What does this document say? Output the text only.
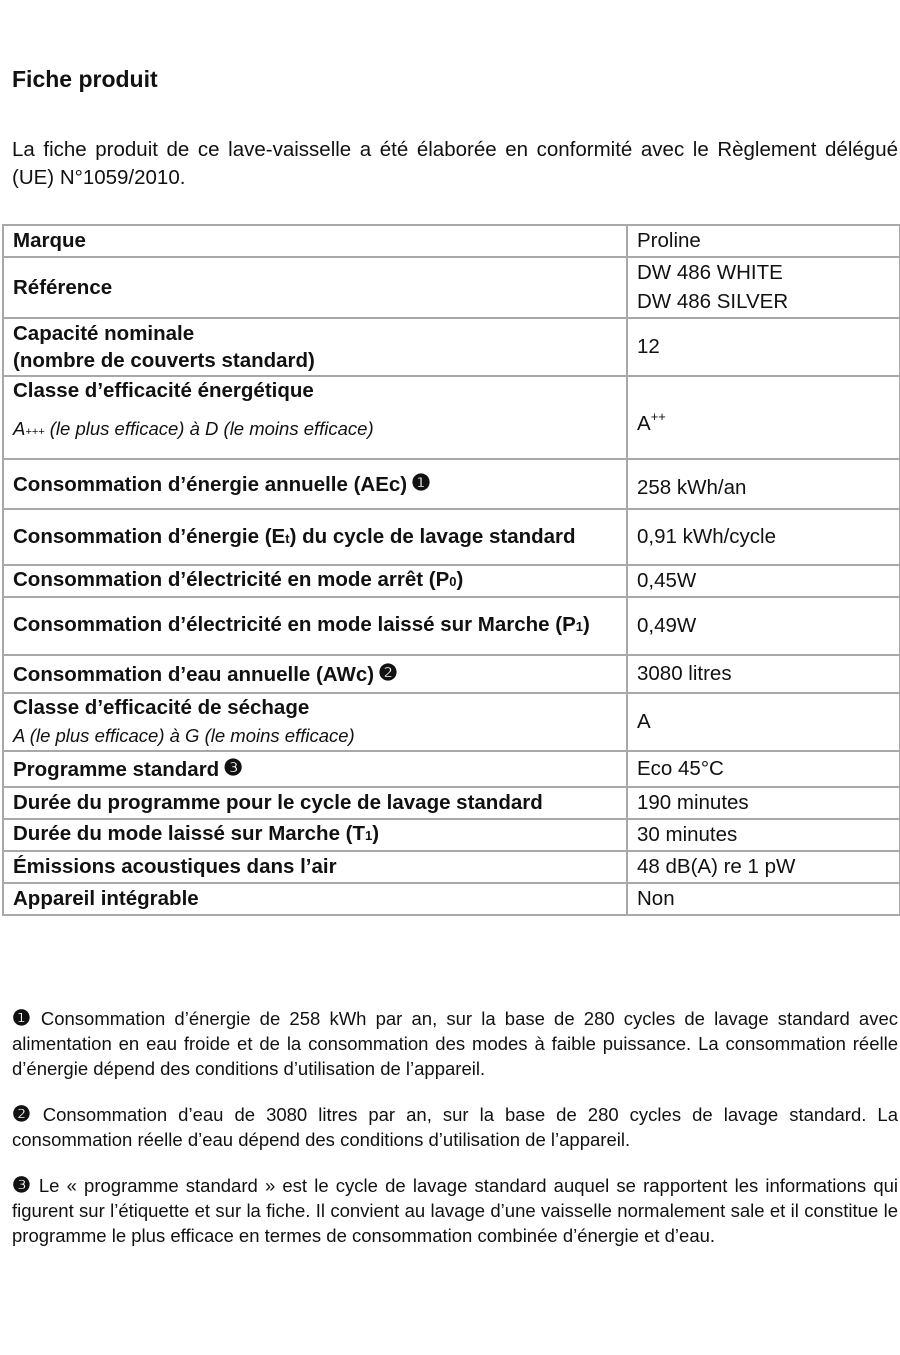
Fiche produit
La fiche produit de ce lave-vaisselle a été élaborée en conformité avec le Règlement délégué (UE) N°1059/2010.
Marque	Proline

Référence	DW 486 WHITE
DW 486 SILVER

Capacité nominale
(nombre de couverts standard)	12

Classe d’efficacité énergétique
A+++ (le plus efficace) à D (le moins efficace)	A++

Consommation d’énergie annuelle (AEc) ❶	258 kWh/an

Consommation d’énergie (Et) du cycle de lavage standard	0,91 kWh/cycle

Consommation d’électricité en mode arrêt (P0)	0,45W

Consommation d’électricité en mode laissé sur Marche (P1)	0,49W

Consommation d’eau annuelle (AWc) ❷	3080 litres

Classe d’efficacité de séchage
A (le plus efficace) à G (le moins efficace)	A

Programme standard ❸	Eco 45°C

Durée du programme pour le cycle de lavage standard	190 minutes

Durée du mode laissé sur Marche (T1)	30 minutes

Émissions acoustiques dans l’air	48 dB(A) re 1 pW

Appareil intégrable	Non

❶ Consommation d’énergie de 258 kWh par an, sur la base de 280 cycles de lavage standard avec alimentation en eau froide et de la consommation des modes à faible puissance. La consommation réelle d’énergie dépend des conditions d’utilisation de l’appareil.

❷ Consommation d’eau de 3080 litres par an, sur la base de 280 cycles de lavage standard. La consommation réelle d’eau dépend des conditions d’utilisation de l’appareil.

❸ Le « programme standard » est le cycle de lavage standard auquel se rapportent les informations qui figurent sur l’étiquette et sur la fiche. Il convient au lavage d’une vaisselle normalement sale et il constitue le programme le plus efficace en termes de consommation combinée d’énergie et d’eau.
